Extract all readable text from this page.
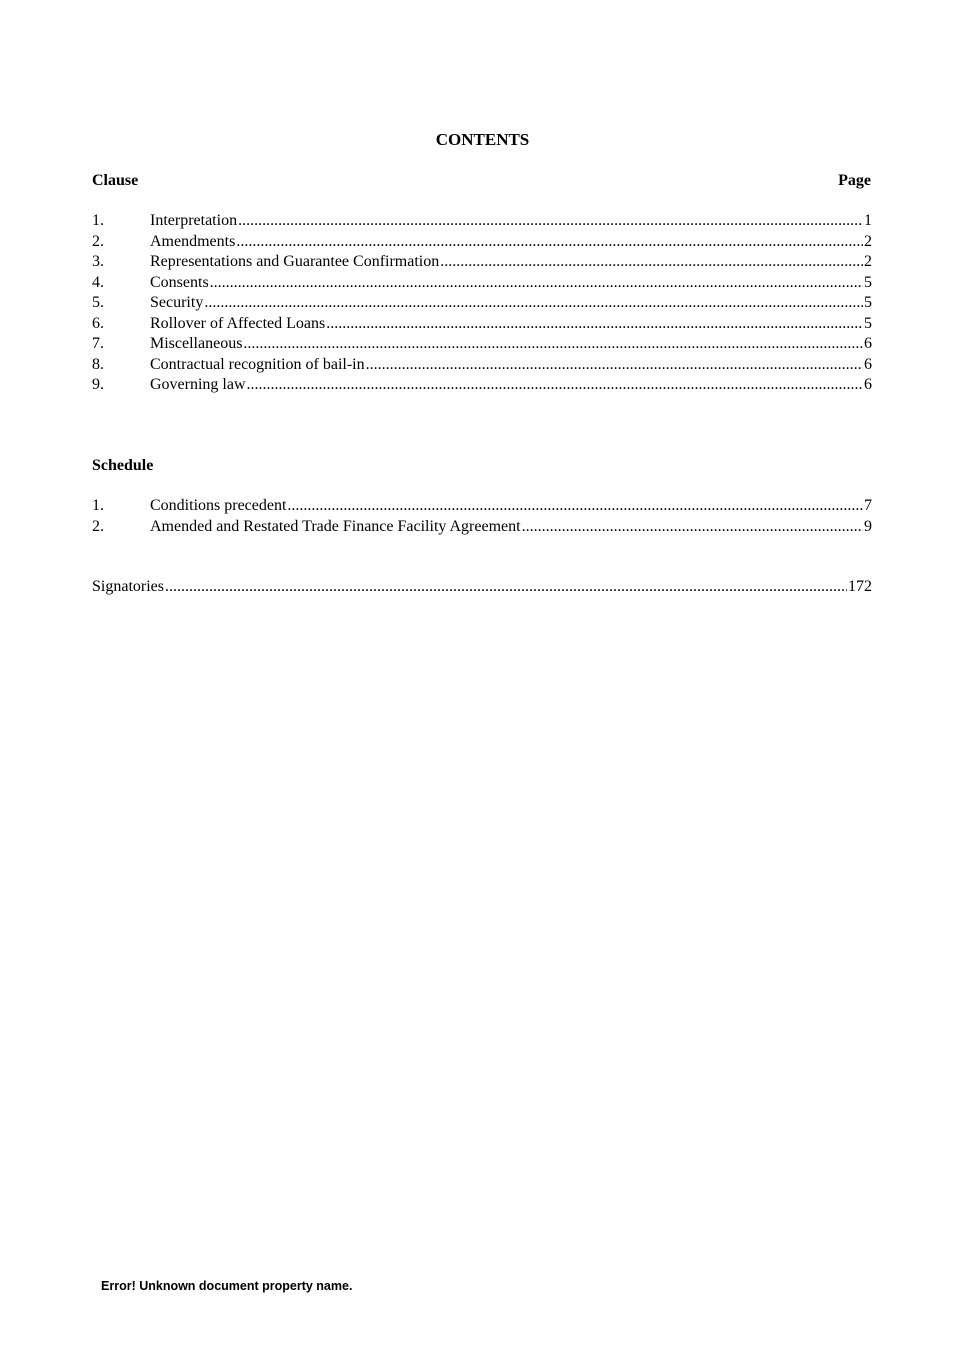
CONTENTS
Clause	Page
1.	Interpretation .....	1
2.	Amendments .....	2
3.	Representations and Guarantee Confirmation .....	2
4.	Consents .....	5
5.	Security .....	5
6.	Rollover of Affected Loans .....	5
7.	Miscellaneous .....	6
8.	Contractual recognition of bail-in .....	6
9.	Governing law .....	6
Schedule
1.	Conditions precedent .....	7
2.	Amended and Restated Trade Finance Facility Agreement .....	9
Signatories .....	172
Error! Unknown document property name.
